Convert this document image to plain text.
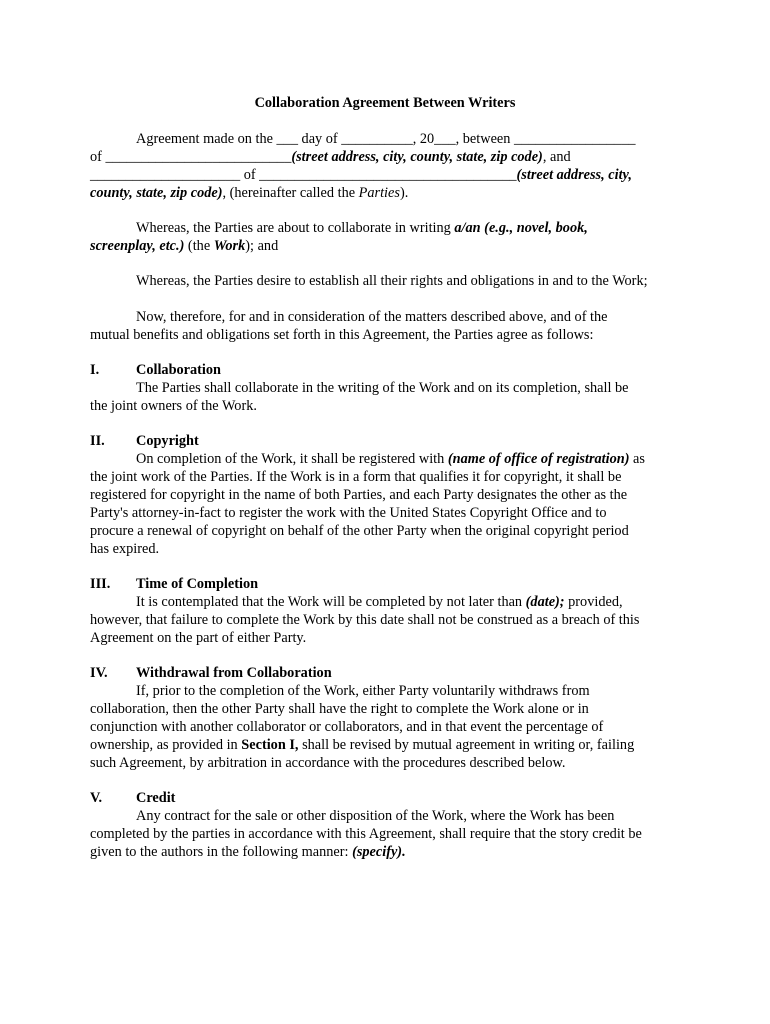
Collaboration Agreement Between Writers
Agreement made on the ___ day of __________, 20___, between _________________
of __________________________(street address, city, county, state, zip code), and
_____________________ of ____________________________________(street address, city,
county, state, zip code), (hereinafter called the Parties).
Whereas, the Parties are about to collaborate in writing a/an (e.g., novel, book,
screenplay, etc.) (the Work); and
Whereas, the Parties desire to establish all their rights and obligations in and to the Work;
Now, therefore, for and in consideration of the matters described above, and of the
mutual benefits and obligations set forth in this Agreement, the Parties agree as follows:
I.	Collaboration
The Parties shall collaborate in the writing of the Work and on its completion, shall be
the joint owners of the Work.
II. Copyright
On completion of the Work, it shall be registered with (name of office of registration) as
the joint work of the Parties. If the Work is in a form that qualifies it for copyright, it shall be
registered for copyright in the name of both Parties, and each Party designates the other as the
Party's attorney-in-fact to register the work with the United States Copyright Office and to
procure a renewal of copyright on behalf of the other Party when the original copyright period
has expired.
III. Time of Completion
It is contemplated that the Work will be completed by not later than (date); provided,
however, that failure to complete the Work by this date shall not be construed as a breach of this
Agreement on the part of either Party.
IV. Withdrawal from Collaboration
If, prior to the completion of the Work, either Party voluntarily withdraws from
collaboration, then the other Party shall have the right to complete the Work alone or in
conjunction with another collaborator or collaborators, and in that event the percentage of
ownership, as provided in Section I, shall be revised by mutual agreement in writing or, failing
such Agreement, by arbitration in accordance with the procedures described below.
V. Credit
Any contract for the sale or other disposition of the Work, where the Work has been
completed by the parties in accordance with this Agreement, shall require that the story credit be
given to the authors in the following manner: (specify).
